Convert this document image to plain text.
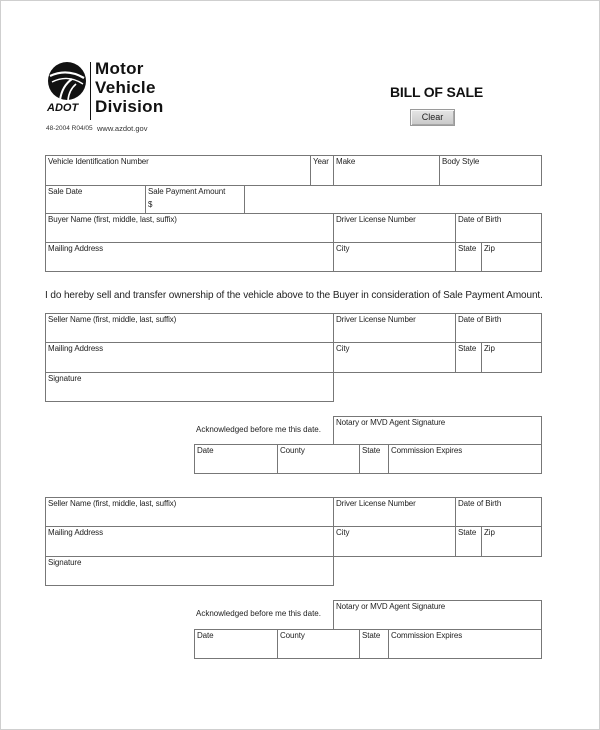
ADOT
Motor
Vehicle
Division
48-2004 R04/05 www.azdot.gov
BILL OF SALE
Clear
Vehicle Identification Number	Year Make	Body Style
Sale Date	Sale Payment Amount
$
Buyer Name (first, middle, last, suffix)	Driver License Number	Date of Birth
Mailing Address	City	State Zip
I do hereby sell and transfer ownership of the vehicle above to the Buyer in consideration of Sale Payment Amount.
Seller Name (first, middle, last, suffix)	Driver License Number	Date of Birth
Mailing Address	City	State Zip
Signature
Acknowledged before me this date.
Notary or MVD Agent Signature
Date	County	State	Commission Expires
Seller Name (first, middle, last, suffix)	Driver License Number	Date of Birth
Mailing Address	City	State Zip
Signature
Acknowledged before me this date.
Notary or MVD Agent Signature
Date	County	State	Commission Expires
